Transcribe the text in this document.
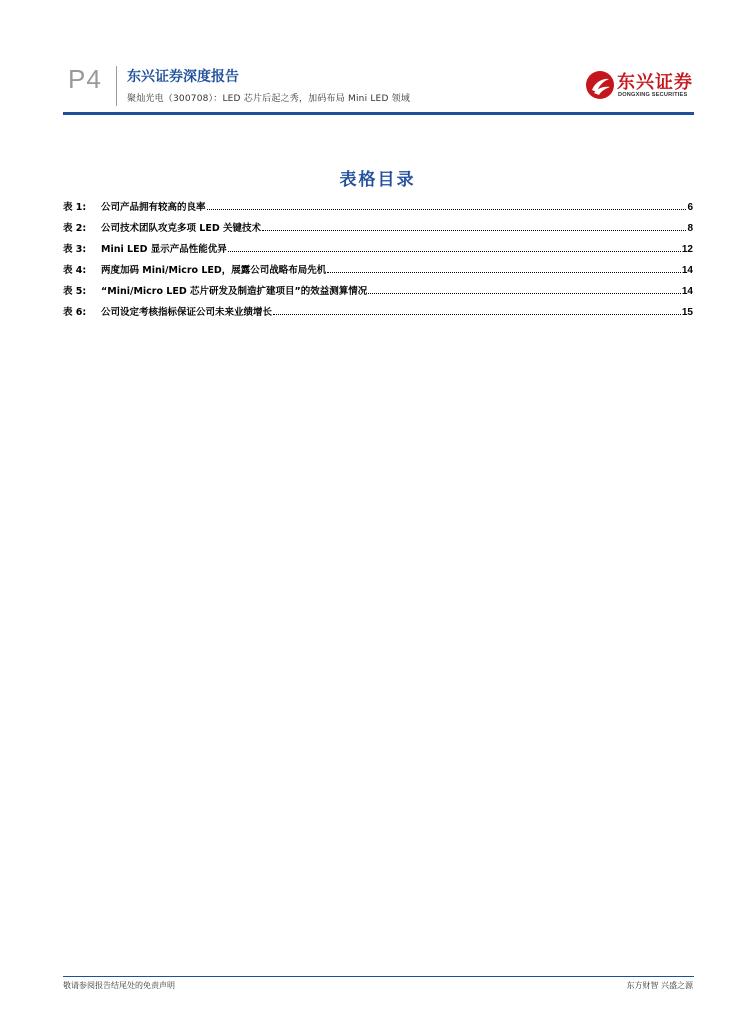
P4 东兴证券深度报告
聚灿光电（300708）：LED 芯片后起之秀，加码布局 Mini LED 领域
东兴证券
DONGXING SECURITIES
表格目录
表 1:	公司产品拥有较高的良率	6
表 2:	公司技术团队攻克多项 LED 关键技术	8
表 3:	Mini LED 显示产品性能优异	12
表 4:	两度加码 Mini/Micro LED，展露公司战略布局先机	14
表 5:	“Mini/Micro LED 芯片研发及制造扩建项目”的效益测算情况	14
表 6:	公司设定考核指标保证公司未来业绩增长	15
敬请参阅报告结尾处的免责声明	东方财智 兴盛之源
